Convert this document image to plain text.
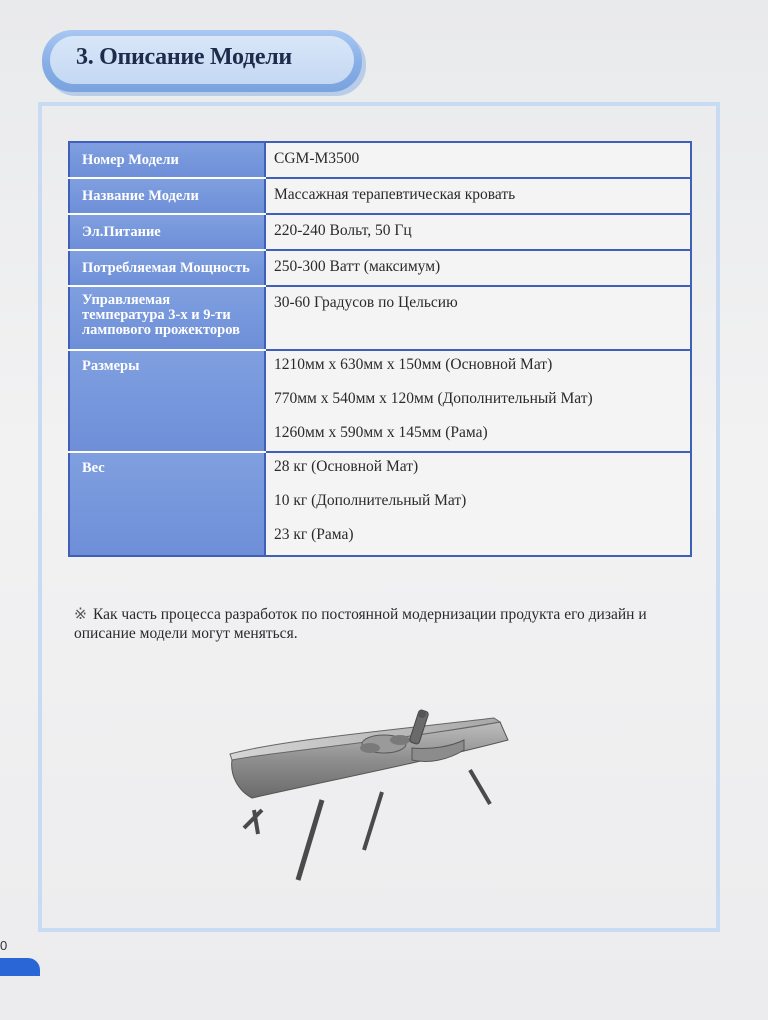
3. Описание Модели
Номер Модели	CGM-M3500

Название Модели	Массажная терапевтическая кровать

Эл.Питание	220-240 Вольт, 50 Гц

Потребляемая Мощность	250-300 Ватт (максимум)

Управляемая температура 3-х и 9-ти лампового прожекторов	30-60 Градусов по Цельсию

Размеры	1210мм x 630мм x 150мм (Основной Мат)
770мм x 540мм x 120мм (Дополнительный Мат)
1260мм x 590мм x 145мм (Рама)

Вес	28 кг (Основной Мат)
10 кг (Дополнительный Мат)
23 кг (Рама)
※ Как часть процесса разработок по постоянной модернизации продукта его дизайн и описание модели могут меняться.
0
